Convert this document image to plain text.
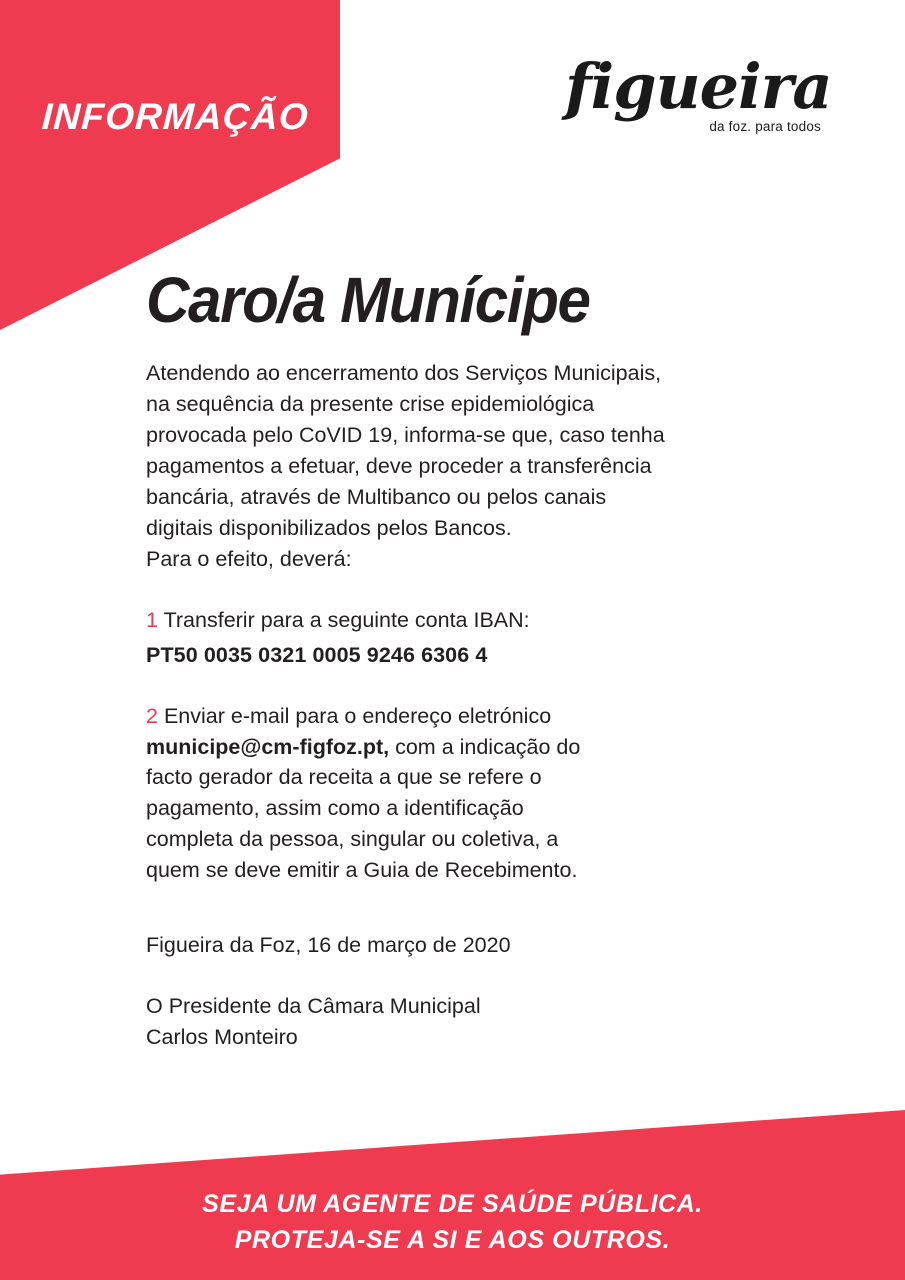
INFORMAÇÃO	figueira
da foz. para todos
Caro/a Munícipe

Atendendo ao encerramento dos Serviços Municipais,
na sequência da presente crise epidemiológica
provocada pelo CoVID 19, informa-se que, caso tenha
pagamentos a efetuar, deve proceder a transferência
bancária, através de Multibanco ou pelos canais
digitais disponibilizados pelos Bancos.
Para o efeito, deverá:

1 Transferir para a seguinte conta IBAN:
PT50 0035 0321 0005 9246 6306 4
2 Enviar e-mail para o endereço eletrónico
municipe@cm-figfoz.pt, com a indicação do
facto gerador da receita a que se refere o
pagamento, assim como a identificação
completa da pessoa, singular ou coletiva, a
quem se deve emitir a Guia de Recebimento.
Figueira da Foz, 16 de março de 2020
O Presidente da Câmara Municipal
Carlos Monteiro
SEJA UM AGENTE DE SAÚDE PÚBLICA.
PROTEJA-SE A SI E AOS OUTROS.
